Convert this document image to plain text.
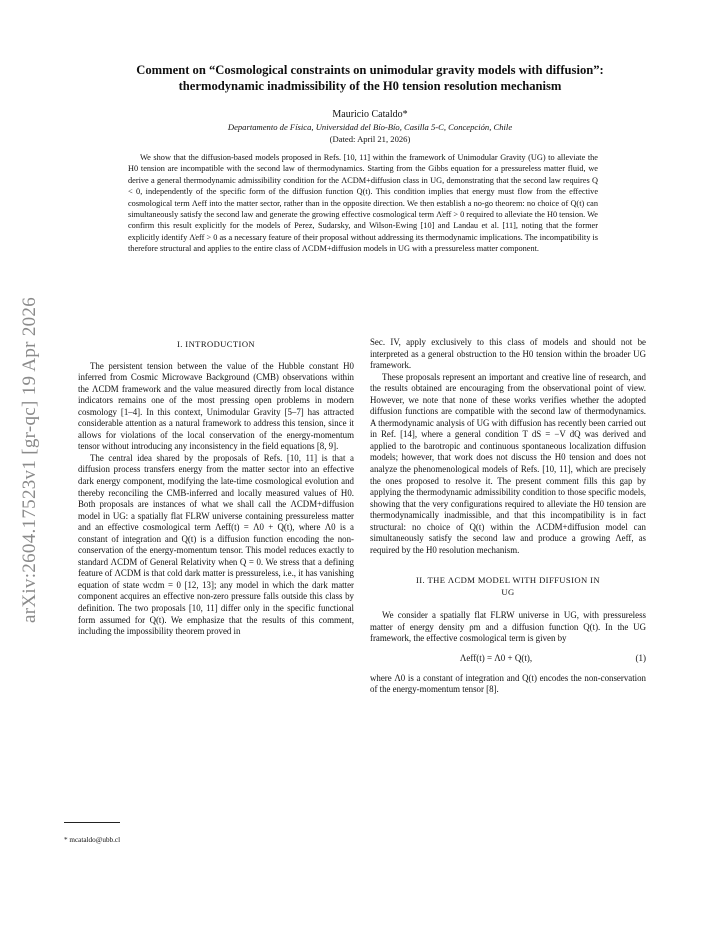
arXiv:2604.17523v1 [gr-qc] 19 Apr 2026
Comment on “Cosmological constraints on unimodular gravity models with diffusion”:
thermodynamic inadmissibility of the H0 tension resolution mechanism
Mauricio Cataldo*
Departamento de Física, Universidad del Bío-Bío, Casilla 5-C, Concepción, Chile
(Dated: April 21, 2026)

We show that the diffusion-based models proposed in Refs. [10, 11] within the framework of Unimodular Gravity (UG) to alleviate the H0 tension are incompatible with the second law of thermodynamics. Starting from the Gibbs equation for a pressureless matter fluid, we derive a general thermodynamic admissibility condition for the ΛCDM+diffusion class in UG, demonstrating that the second law requires Q < 0, independently of the specific form of the diffusion function Q(t). This condition implies that energy must flow from the effective cosmological term Λeff into the matter sector, rather than in the opposite direction. We then establish a no-go theorem: no choice of Q(t) can simultaneously satisfy the second law and generate the growing effective cosmological term Λ̇eff > 0 required to alleviate the H0 tension. We confirm this result explicitly for the models of Perez, Sudarsky, and Wilson-Ewing [10] and Landau et al. [11], noting that the former explicitly identify Λ̇eff > 0 as a necessary feature of their proposal without addressing its thermodynamic implications. The incompatibility is therefore structural and applies to the entire class of ΛCDM+diffusion models in UG with a pressureless matter component.

I. INTRODUCTION

The persistent tension between the value of the Hubble constant H0 inferred from Cosmic Microwave Background (CMB) observations within the ΛCDM framework and the value measured directly from local distance indicators remains one of the most pressing open problems in modern cosmology [1–4]. In this context, Unimodular Gravity [5–7] has attracted considerable attention as a natural framework to address this tension, since it allows for violations of the local conservation of the energy-momentum tensor without introducing any inconsistency in the field equations [8, 9].

The central idea shared by the proposals of Refs. [10, 11] is that a diffusion process transfers energy from the matter sector into an effective dark energy component, modifying the late-time cosmological evolution and thereby reconciling the CMB-inferred and locally measured values of H0. Both proposals are instances of what we shall call the ΛCDM+diffusion model in UG: a spatially flat FLRW universe containing pressureless matter and an effective cosmological term Λeff(t) = Λ0 + Q(t), where Λ0 is a constant of integration and Q(t) is a diffusion function encoding the non-conservation of the energy-momentum tensor. This model reduces exactly to standard ΛCDM of General Relativity when Q = 0. We stress that a defining feature of ΛCDM is that cold dark matter is pressureless, i.e., it has vanishing equation of state wcdm = 0 [12, 13]; any model in which the dark matter component acquires an effective non-zero pressure falls outside this class by definition. The two proposals [10, 11] differ only in the specific functional form assumed for Q(t). We emphasize that the results of this comment, including the impossibility theorem proved in

Sec. IV, apply exclusively to this class of models and should not be interpreted as a general obstruction to the H0 tension within the broader UG framework.

These proposals represent an important and creative line of research, and the results obtained are encouraging from the observational point of view. However, we note that none of these works verifies whether the adopted diffusion functions are compatible with the second law of thermodynamics. A thermodynamic analysis of UG with diffusion has recently been carried out in Ref. [14], where a general condition T dS = −V dQ was derived and applied to the barotropic and continuous spontaneous localization diffusion models; however, that work does not discuss the H0 tension and does not analyze the phenomenological models of Refs. [10, 11], which are precisely the ones proposed to resolve it. The present comment fills this gap by applying the thermodynamic admissibility condition to those specific models, showing that the very configurations required to alleviate the H0 tension are thermodynamically inadmissible, and that this incompatibility is in fact structural: no choice of Q(t) within the ΛCDM+diffusion model can simultaneously satisfy the second law and produce a growing Λeff, as required by the H0 resolution mechanism.

II. THE ΛCDM MODEL WITH DIFFUSION IN
UG

We consider a spatially flat FLRW universe in UG, with pressureless matter of energy density ρm and a diffusion function Q(t). In the UG framework, the effective cosmological term is given by

Λeff(t) = Λ0 + Q(t),	(1)

where Λ0 is a constant of integration and Q(t) encodes the non-conservation of the energy-momentum tensor [8].

* mcataldo@ubb.cl
